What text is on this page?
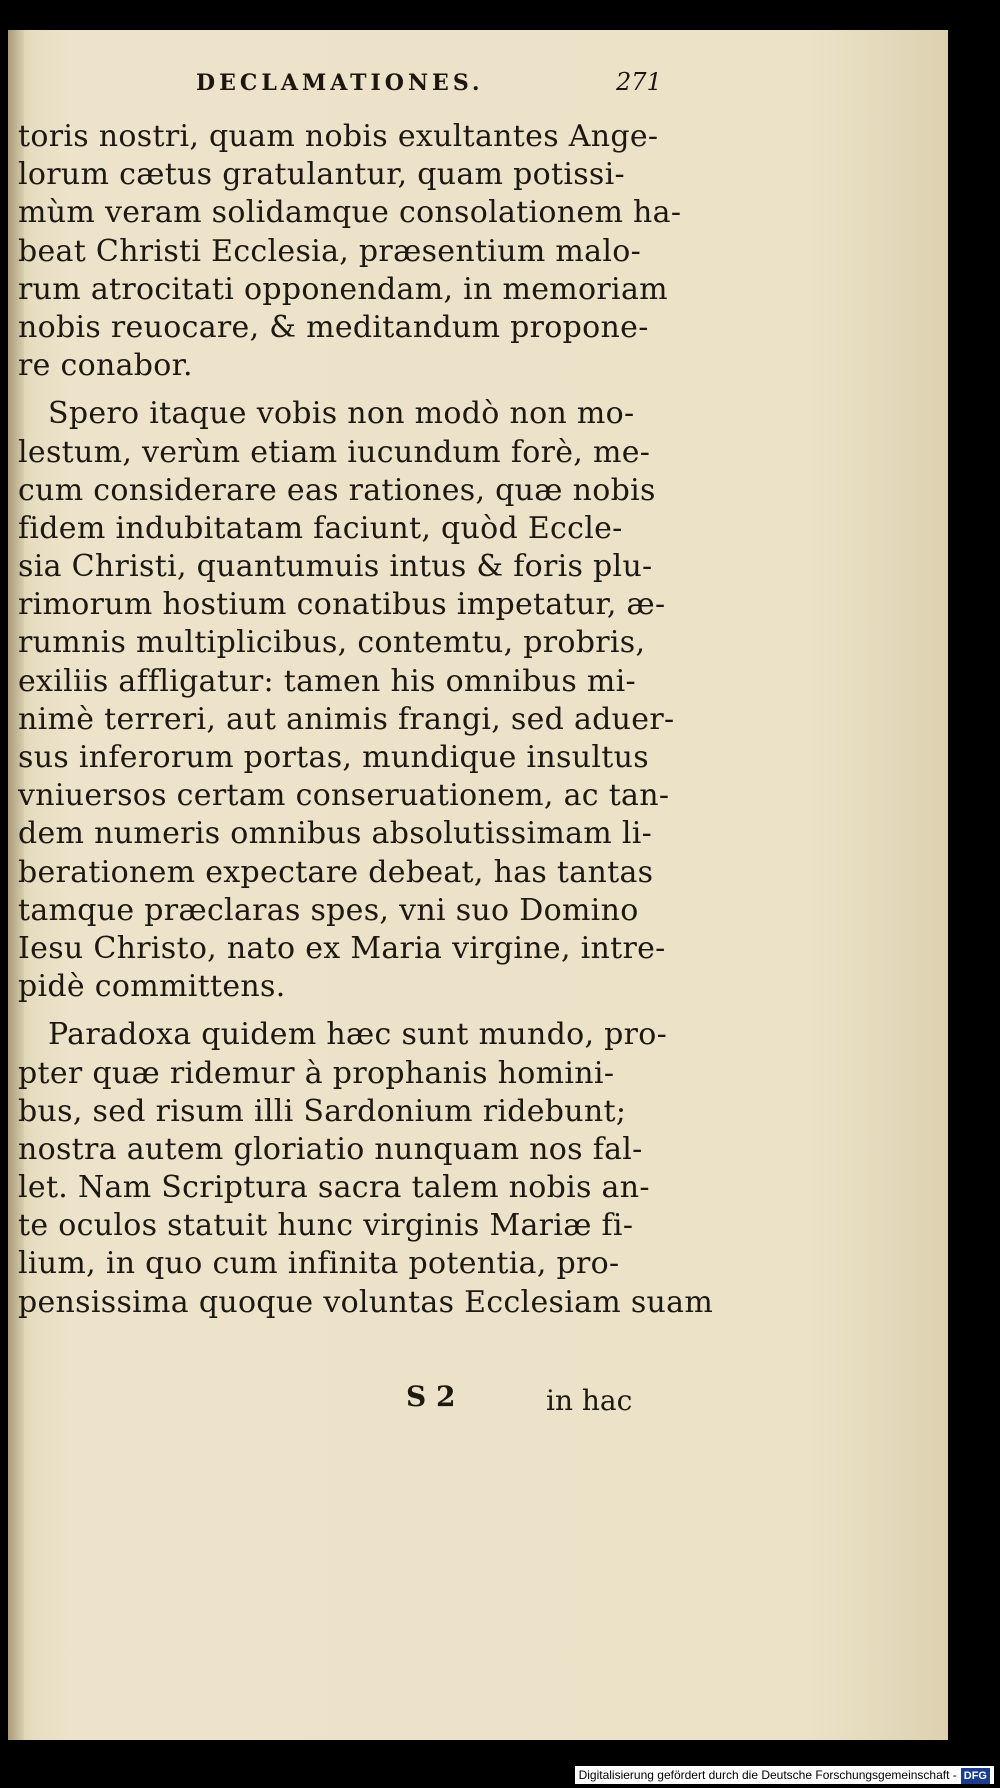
DECLAMATIONES.	271
toris nostri, quam nobis exultantes Ange-
lorum cætus gratulantur, quam potissi-
mùm veram solidamque consolationem ha-
beat Christi Ecclesia, præsentium malo-
rum atrocitati opponendam, in memoriam
nobis reuocare, & meditandum propone-
re conabor.
Spero itaque vobis non modò non mo-
lestum, verùm etiam iucundum forè, me-
cum considerare eas rationes, quæ nobis
fidem indubitatam faciunt, quòd Eccle-
sia Christi, quantumuis intus & foris plu-
rimorum hostium conatibus impetatur, æ-
rumnis multiplicibus, contemtu, probris,
exiliis affligatur: tamen his omnibus mi-
nimè terreri, aut animis frangi, sed aduer-
sus inferorum portas, mundique insultus
vniuersos certam conseruationem, ac tan-
dem numeris omnibus absolutissimam li-
berationem expectare debeat, has tantas
tamque præclaras spes, vni suo Domino
Iesu Christo, nato ex Maria virgine, intre-
pidè committens.
Paradoxa quidem hæc sunt mundo, pro-
pter quæ ridemur à prophanis homini-
bus, sed risum illi Sardonium ridebunt;
nostra autem gloriatio nunquam nos fal-
let. Nam Scriptura sacra talem nobis an-
te oculos statuit hunc virginis Mariæ fi-
lium, in quo cum infinita potentia, pro-
pensissima quoque voluntas Ecclesiam suam
S 2	in hac
Digitalisierung gefördert durch die Deutsche Forschungsgemeinschaft - DFG
